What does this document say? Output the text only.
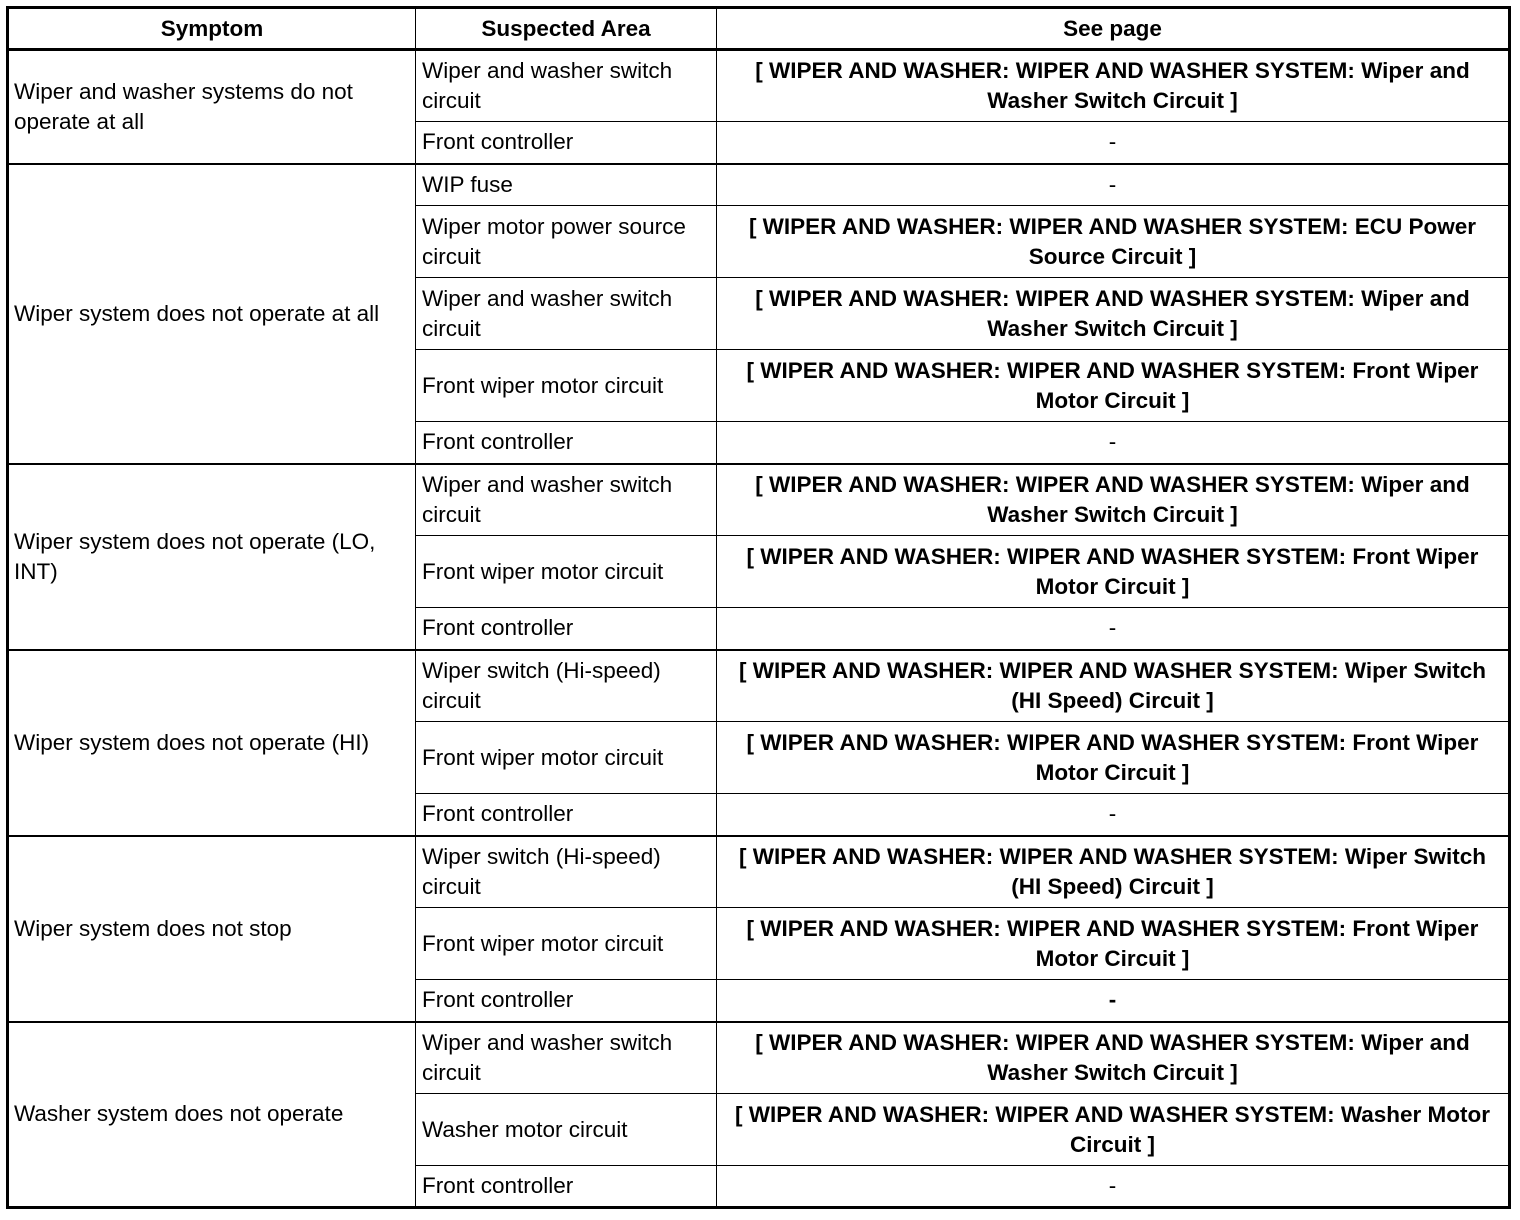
Symptom	Suspected Area	See page
Wiper and washer systems do not operate at all	Wiper and washer switch circuit	[ WIPER AND WASHER: WIPER AND WASHER SYSTEM: Wiper and Washer Switch Circuit ]
	Front controller	-
Wiper system does not operate at all	WIP fuse	-
	Wiper motor power source circuit	[ WIPER AND WASHER: WIPER AND WASHER SYSTEM: ECU Power Source Circuit ]
	Wiper and washer switch circuit	[ WIPER AND WASHER: WIPER AND WASHER SYSTEM: Wiper and Washer Switch Circuit ]
	Front wiper motor circuit	[ WIPER AND WASHER: WIPER AND WASHER SYSTEM: Front Wiper Motor Circuit ]
	Front controller	-
Wiper system does not operate (LO, INT)	Wiper and washer switch circuit	[ WIPER AND WASHER: WIPER AND WASHER SYSTEM: Wiper and Washer Switch Circuit ]
	Front wiper motor circuit	[ WIPER AND WASHER: WIPER AND WASHER SYSTEM: Front Wiper Motor Circuit ]
	Front controller	-
Wiper system does not operate (HI)	Wiper switch (Hi-speed) circuit	[ WIPER AND WASHER: WIPER AND WASHER SYSTEM: Wiper Switch (HI Speed) Circuit ]
	Front wiper motor circuit	[ WIPER AND WASHER: WIPER AND WASHER SYSTEM: Front Wiper Motor Circuit ]
	Front controller	-
Wiper system does not stop	Wiper switch (Hi-speed) circuit	[ WIPER AND WASHER: WIPER AND WASHER SYSTEM: Wiper Switch (HI Speed) Circuit ]
	Front wiper motor circuit	[ WIPER AND WASHER: WIPER AND WASHER SYSTEM: Front Wiper Motor Circuit ]
	Front controller	-
Washer system does not operate	Wiper and washer switch circuit	[ WIPER AND WASHER: WIPER AND WASHER SYSTEM: Wiper and Washer Switch Circuit ]
	Washer motor circuit	[ WIPER AND WASHER: WIPER AND WASHER SYSTEM: Washer Motor Circuit ]
	Front controller	-
